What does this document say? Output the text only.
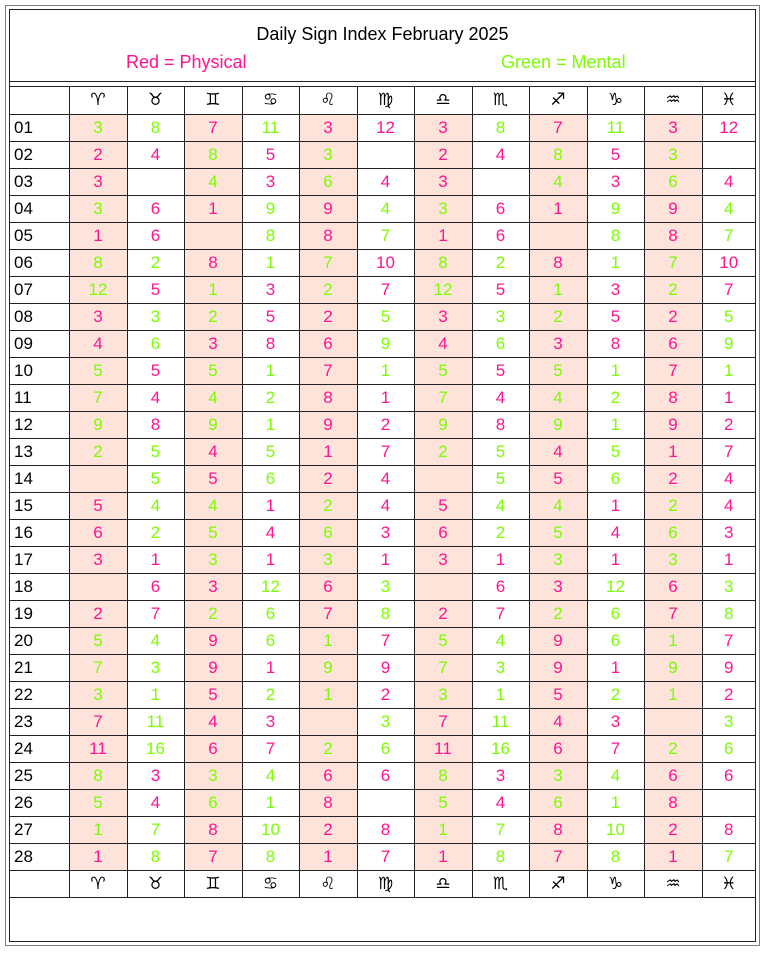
Daily Sign Index February 2025
Red = Physical	Green = Mental
	♈	♉	♊	♋	♌	♍	♎	♏	♐	♑	♒	♓
01	3	8	7	11	3	12	3	8	7	11	3	12
02	2	4	8	5	3		2	4	8	5	3	
03	3		4	3	6	4	3		4	3	6	4
04	3	6	1	9	9	4	3	6	1	9	9	4
05	1	6		8	8	7	1	6		8	8	7
06	8	2	8	1	7	10	8	2	8	1	7	10
07	12	5	1	3	2	7	12	5	1	3	2	7
08	3	3	2	5	2	5	3	3	2	5	2	5
09	4	6	3	8	6	9	4	6	3	8	6	9
10	5	5	5	1	7	1	5	5	5	1	7	1
11	7	4	4	2	8	1	7	4	4	2	8	1
12	9	8	9	1	9	2	9	8	9	1	9	2
13	2	5	4	5	1	7	2	5	4	5	1	7
14		5	5	6	2	4		5	5	6	2	4
15	5	4	4	1	2	4	5	4	4	1	2	4
16	6	2	5	4	6	3	6	2	5	4	6	3
17	3	1	3	1	3	1	3	1	3	1	3	1
18		6	3	12	6	3		6	3	12	6	3
19	2	7	2	6	7	8	2	7	2	6	7	8
20	5	4	9	6	1	7	5	4	9	6	1	7
21	7	3	9	1	9	9	7	3	9	1	9	9
22	3	1	5	2	1	2	3	1	5	2	1	2
23	7	11	4	3		3	7	11	4	3		3
24	11	16	6	7	2	6	11	16	6	7	2	6
25	8	3	3	4	6	6	8	3	3	4	6	6
26	5	4	6	1	8		5	4	6	1	8	
27	1	7	8	10	2	8	1	7	8	10	2	8
28	1	8	7	8	1	7	1	8	7	8	1	7
	♈	♉	♊	♋	♌	♍	♎	♏	♐	♑	♒	♓
